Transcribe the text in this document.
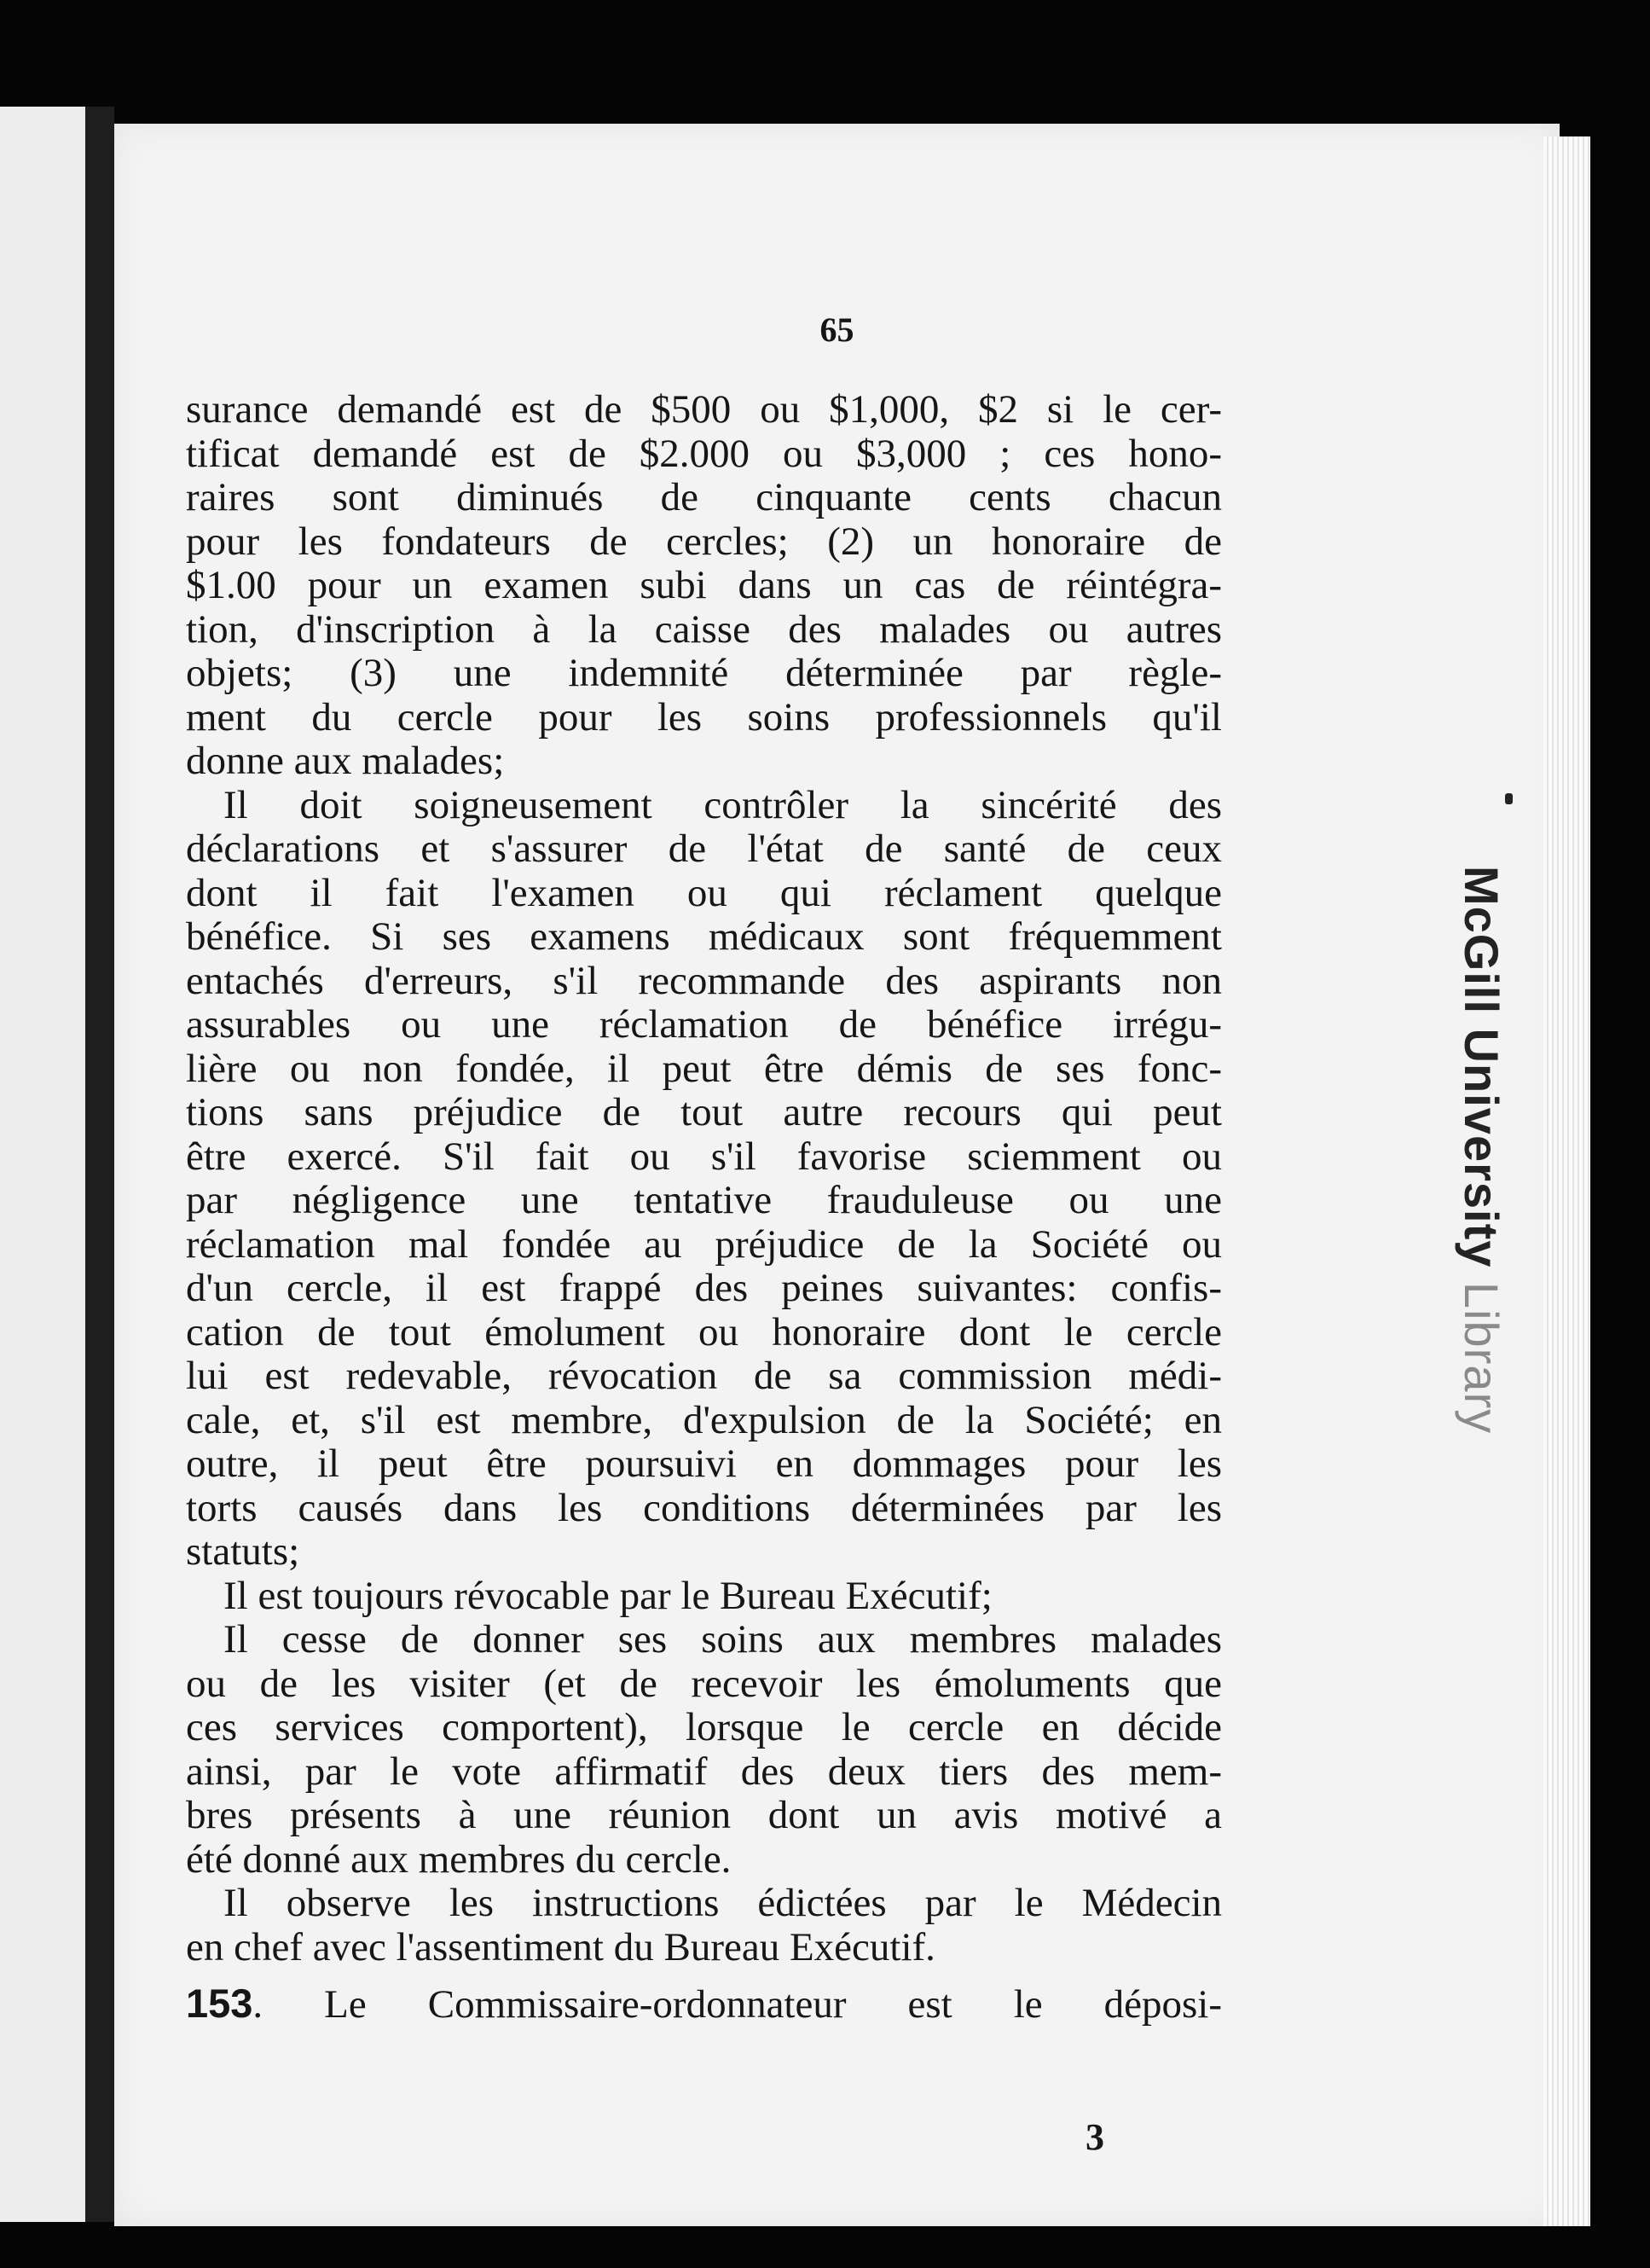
65
surance demandé est de $500 ou $1,000, $2 si le cer-
tificat demandé est de $2.000 ou $3,000 ; ces hono-
raires sont diminués de cinquante cents chacun
pour les fondateurs de cercles; (2) un honoraire de
$1.00 pour un examen subi dans un cas de réintégra-
tion, d'inscription à la caisse des malades ou autres
objets; (3) une indemnité déterminée par règle-
ment du cercle pour les soins professionnels qu'il
donne aux malades;
Il doit soigneusement contrôler la sincérité des
déclarations et s'assurer de l'état de santé de ceux
dont il fait l'examen ou qui réclament quelque
bénéfice. Si ses examens médicaux sont fréquemment
entachés d'erreurs, s'il recommande des aspirants non
assurables ou une réclamation de bénéfice irrégu-
lière ou non fondée, il peut être démis de ses fonc-
tions sans préjudice de tout autre recours qui peut
être exercé. S'il fait ou s'il favorise sciemment ou
par négligence une tentative frauduleuse ou une
réclamation mal fondée au préjudice de la Société ou
d'un cercle, il est frappé des peines suivantes: confis-
cation de tout émolument ou honoraire dont le cercle
lui est redevable, révocation de sa commission médi-
cale, et, s'il est membre, d'expulsion de la Société; en
outre, il peut être poursuivi en dommages pour les
torts causés dans les conditions déterminées par les
statuts;
Il est toujours révocable par le Bureau Exécutif;
Il cesse de donner ses soins aux membres malades
ou de les visiter (et de recevoir les émoluments que
ces services comportent), lorsque le cercle en décide
ainsi, par le vote affirmatif des deux tiers des mem-
bres présents à une réunion dont un avis motivé a
été donné aux membres du cercle.
Il observe les instructions édictées par le Médecin
en chef avec l'assentiment du Bureau Exécutif.
153. Le Commissaire-ordonnateur est le déposi-
3
McGill University Library
